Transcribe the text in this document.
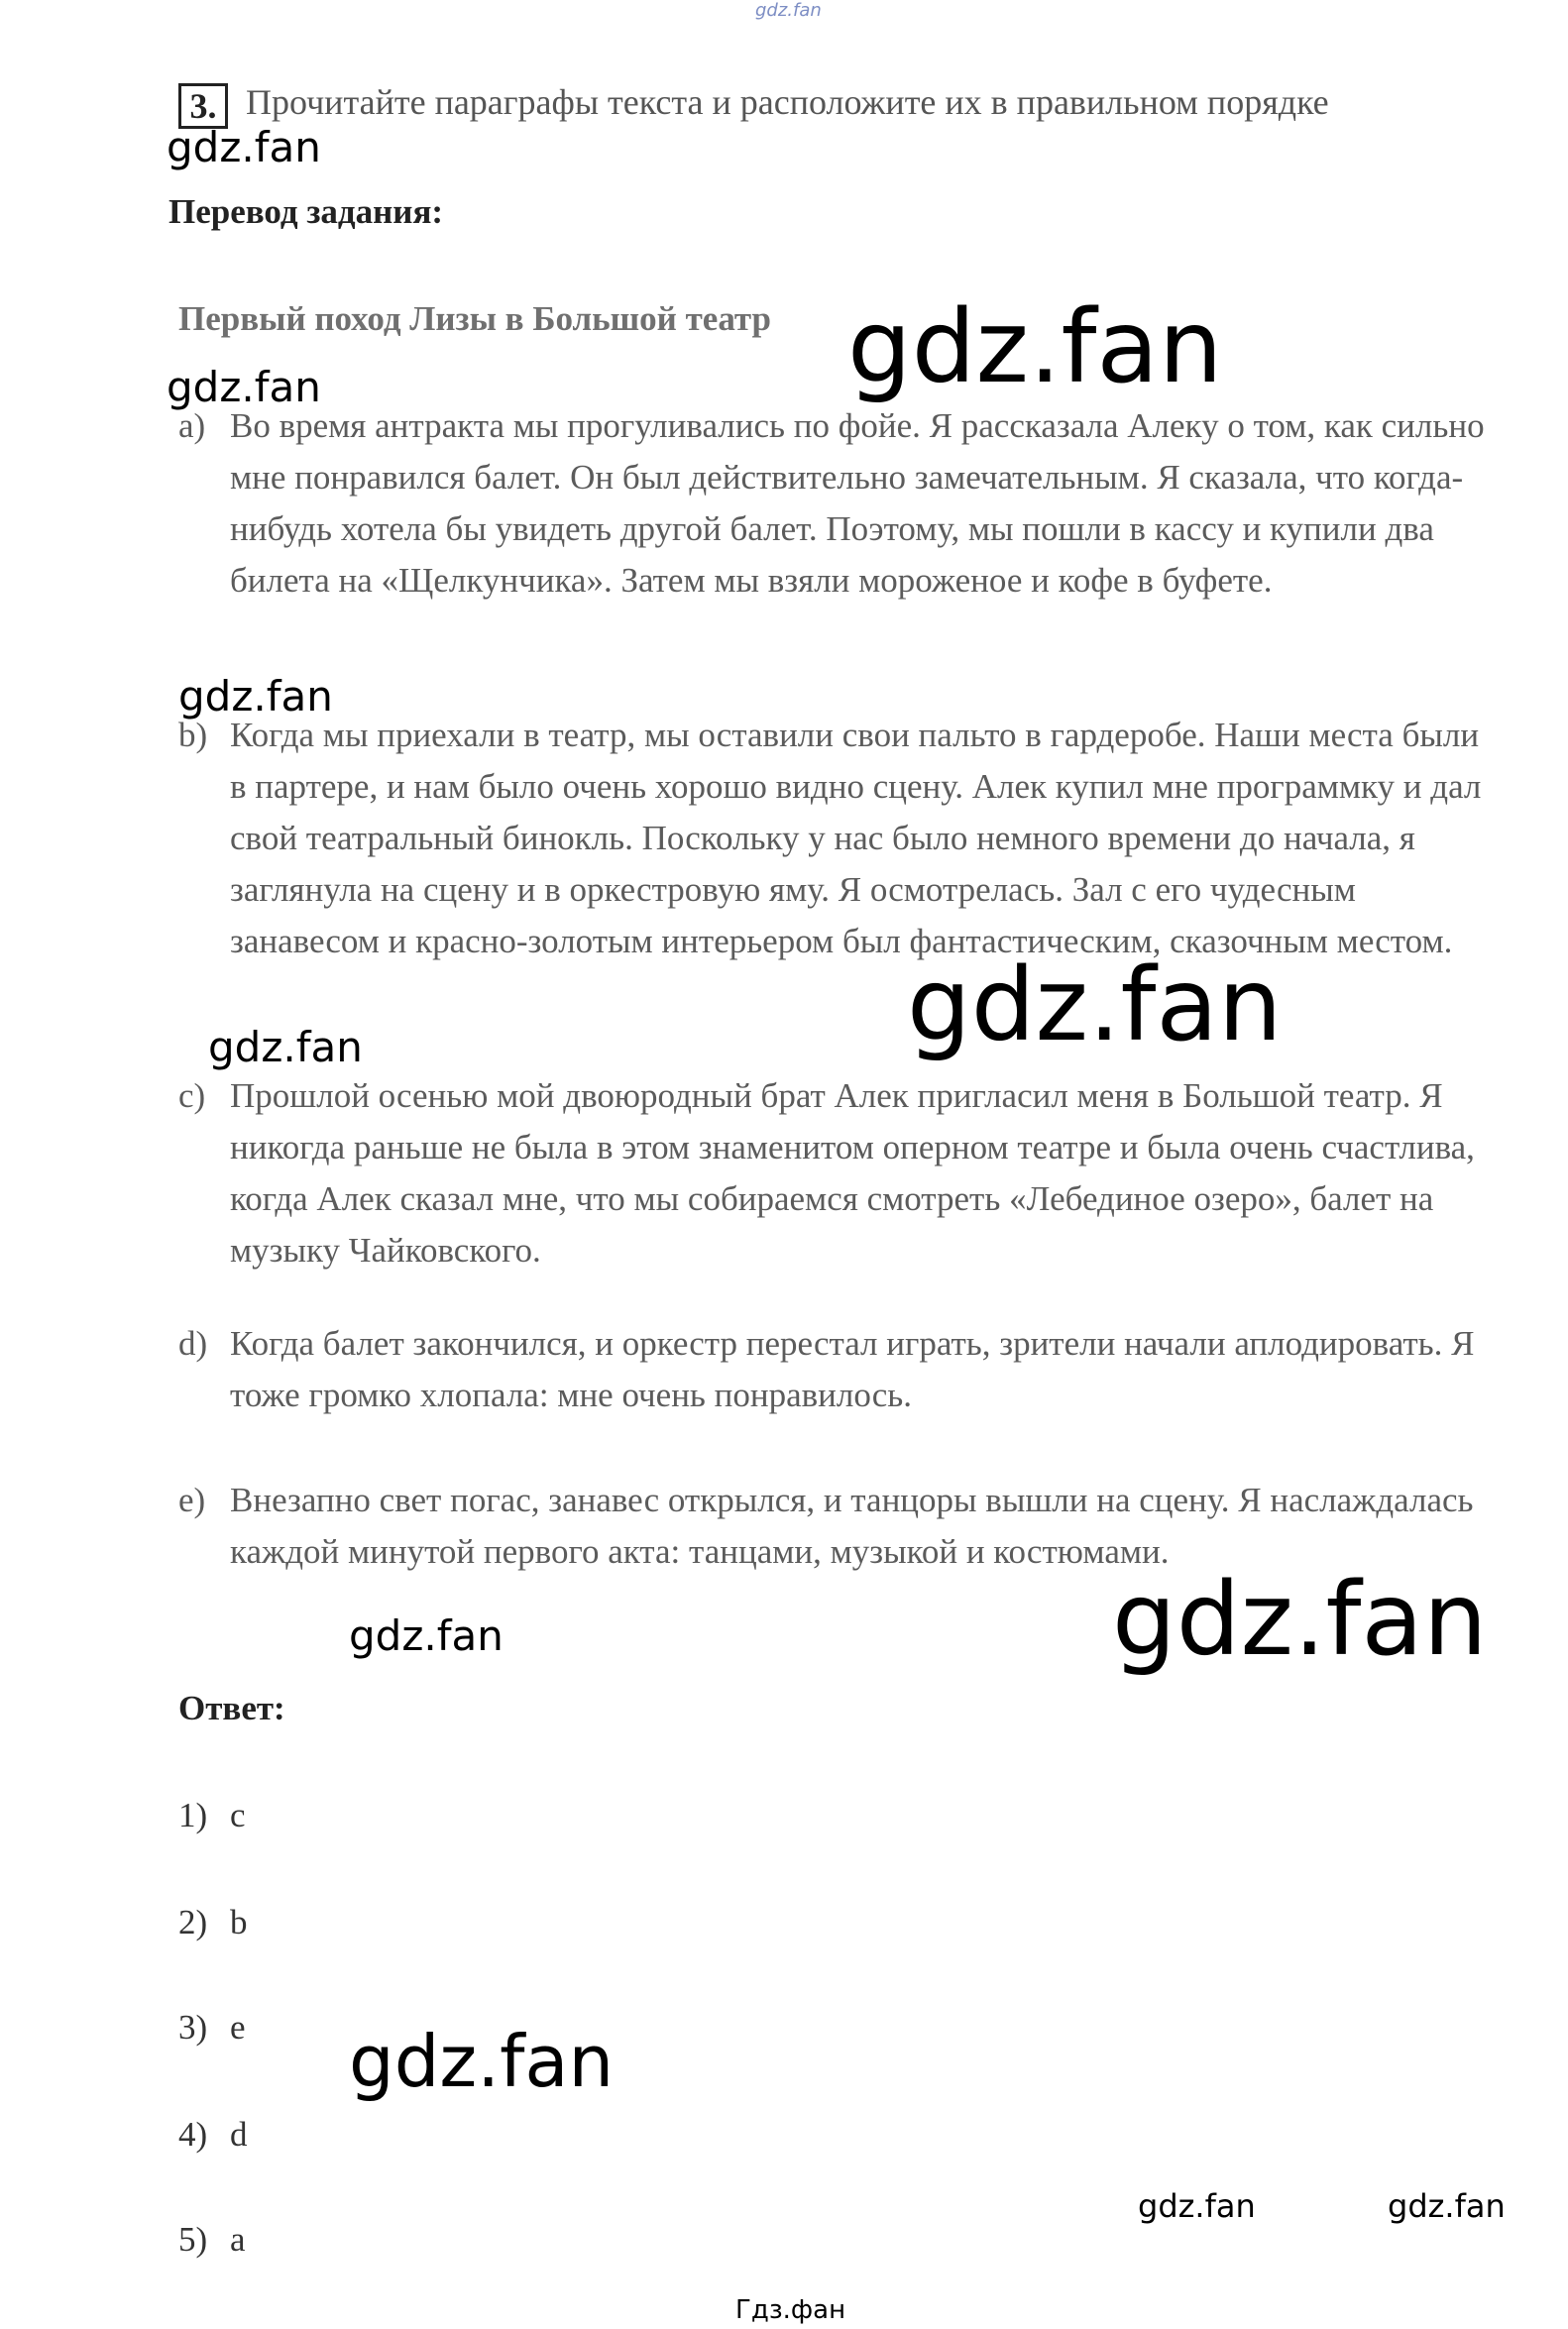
gdz.fan
3. Прочитайте параграфы текста и расположите их в правильном порядке
gdz.fan
Перевод задания:
Первый поход Лизы в Большой театр gdz.fan
gdz.fan
a) Во время антракта мы прогуливались по фойе. Я рассказала Алеку о том, как сильно мне понравился балет. Он был действительно замечательным. Я сказала, что когда-нибудь хотела бы увидеть другой балет. Поэтому, мы пошли в кассу и купили два билета на «Щелкунчика». Затем мы взяли мороженое и кофе в буфете.
gdz.fan
b) Когда мы приехали в театр, мы оставили свои пальто в гардеробе. Наши места были в партере, и нам было очень хорошо видно сцену. Алек купил мне программку и дал свой театральный бинокль. Поскольку у нас было немного времени до начала, я заглянула на сцену и в оркестровую яму. Я осмотрелась. Зал с его чудесным занавесом и красно-золотым интерьером был фантастическим, сказочным местом.
gdz.fan
gdz.fan
c) Прошлой осенью мой двоюродный брат Алек пригласил меня в Большой театр. Я никогда раньше не была в этом знаменитом оперном театре и была очень счастлива, когда Алек сказал мне, что мы собираемся смотреть «Лебединое озеро», балет на музыку Чайковского.
d) Когда балет закончился, и оркестр перестал играть, зрители начали аплодировать. Я тоже громко хлопала: мне очень понравилось.
e) Внезапно свет погас, занавес открылся, и танцоры вышли на сцену. Я наслаждалась каждой минутой первого акта: танцами, музыкой и костюмами.
gdz.fan
gdz.fan
Ответ:
1) c
2) b
3) e
4) d
5) a
gdz.fan
gdz.fan	gdz.fan
Гдз.фан
